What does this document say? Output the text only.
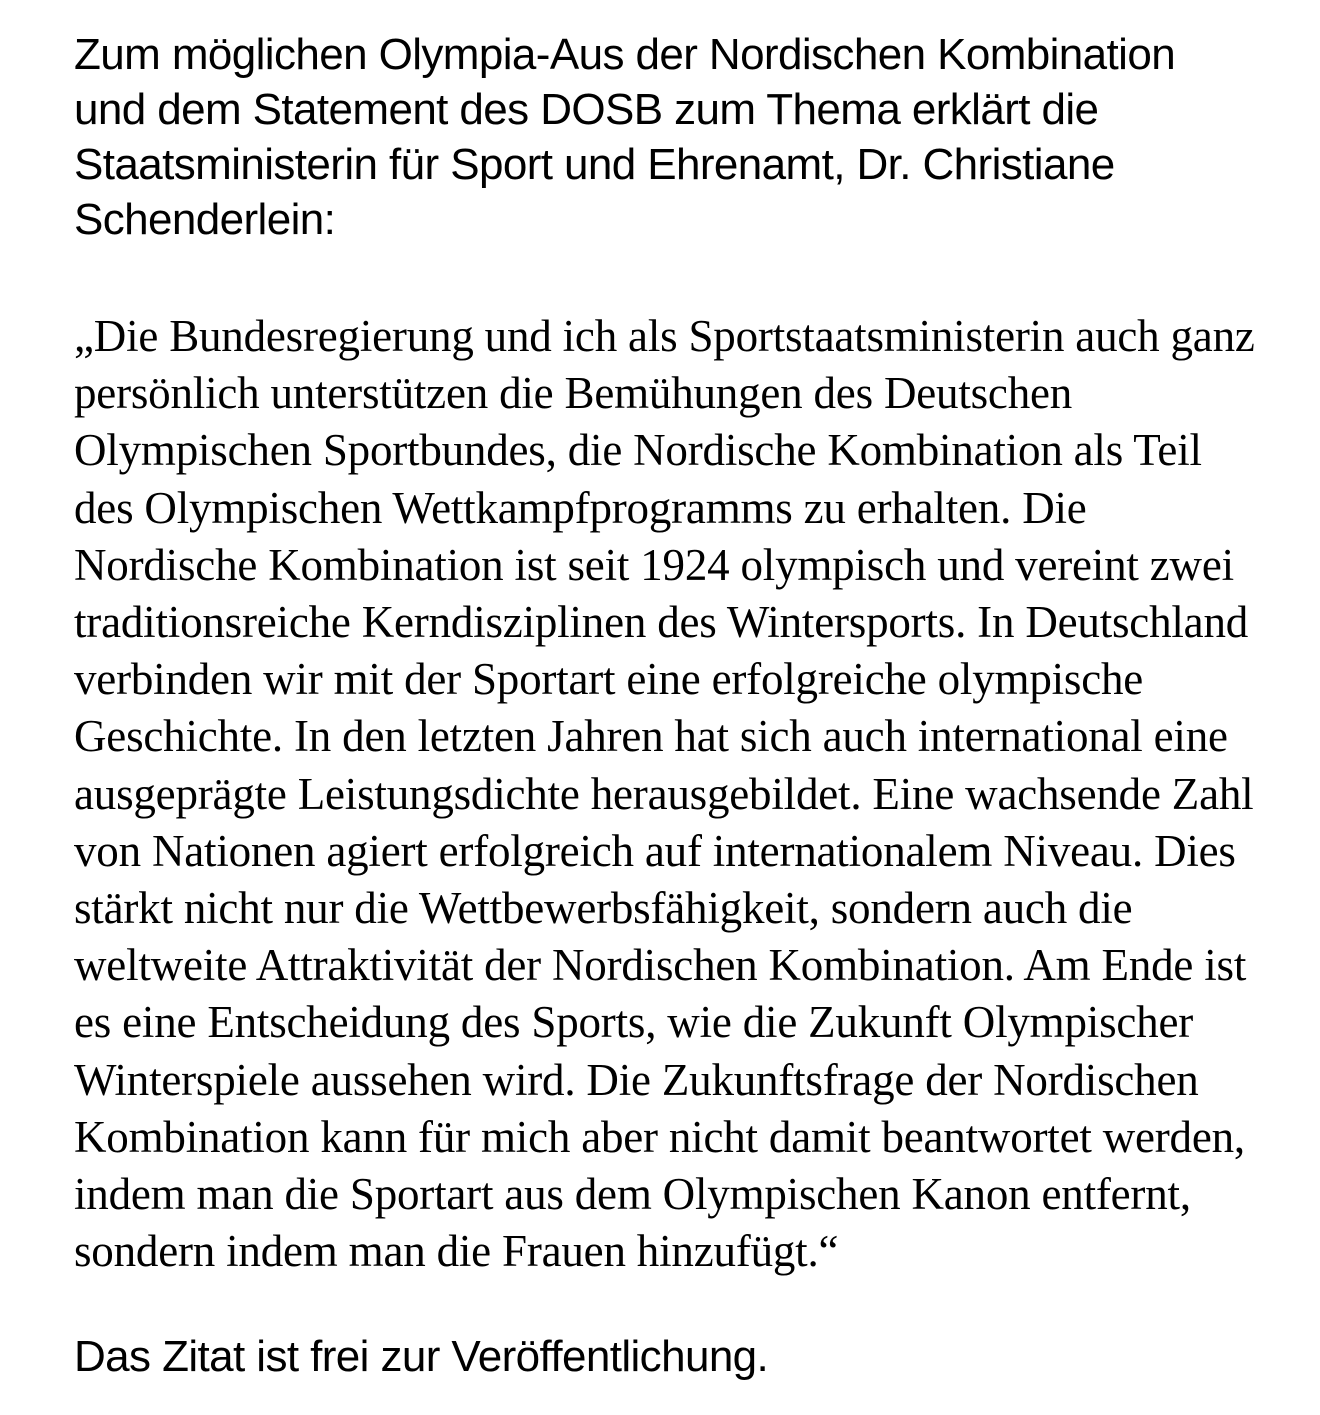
Zum möglichen Olympia-Aus der Nordischen Kombination
und dem Statement des DOSB zum Thema erklärt die
Staatsministerin für Sport und Ehrenamt, Dr. Christiane
Schenderlein:
„Die Bundesregierung und ich als Sportstaatsministerin auch ganz
persönlich unterstützen die Bemühungen des Deutschen
Olympischen Sportbundes, die Nordische Kombination als Teil
des Olympischen Wettkampfprogramms zu erhalten. Die
Nordische Kombination ist seit 1924 olympisch und vereint zwei
traditionsreiche Kerndisziplinen des Wintersports. In Deutschland
verbinden wir mit der Sportart eine erfolgreiche olympische
Geschichte. In den letzten Jahren hat sich auch international eine
ausgeprägte Leistungsdichte herausgebildet. Eine wachsende Zahl
von Nationen agiert erfolgreich auf internationalem Niveau. Dies
stärkt nicht nur die Wettbewerbsfähigkeit, sondern auch die
weltweite Attraktivität der Nordischen Kombination. Am Ende ist
es eine Entscheidung des Sports, wie die Zukunft Olympischer
Winterspiele aussehen wird. Die Zukunftsfrage der Nordischen
Kombination kann für mich aber nicht damit beantwortet werden,
indem man die Sportart aus dem Olympischen Kanon entfernt,
sondern indem man die Frauen hinzufügt.“
Das Zitat ist frei zur Veröffentlichung.
